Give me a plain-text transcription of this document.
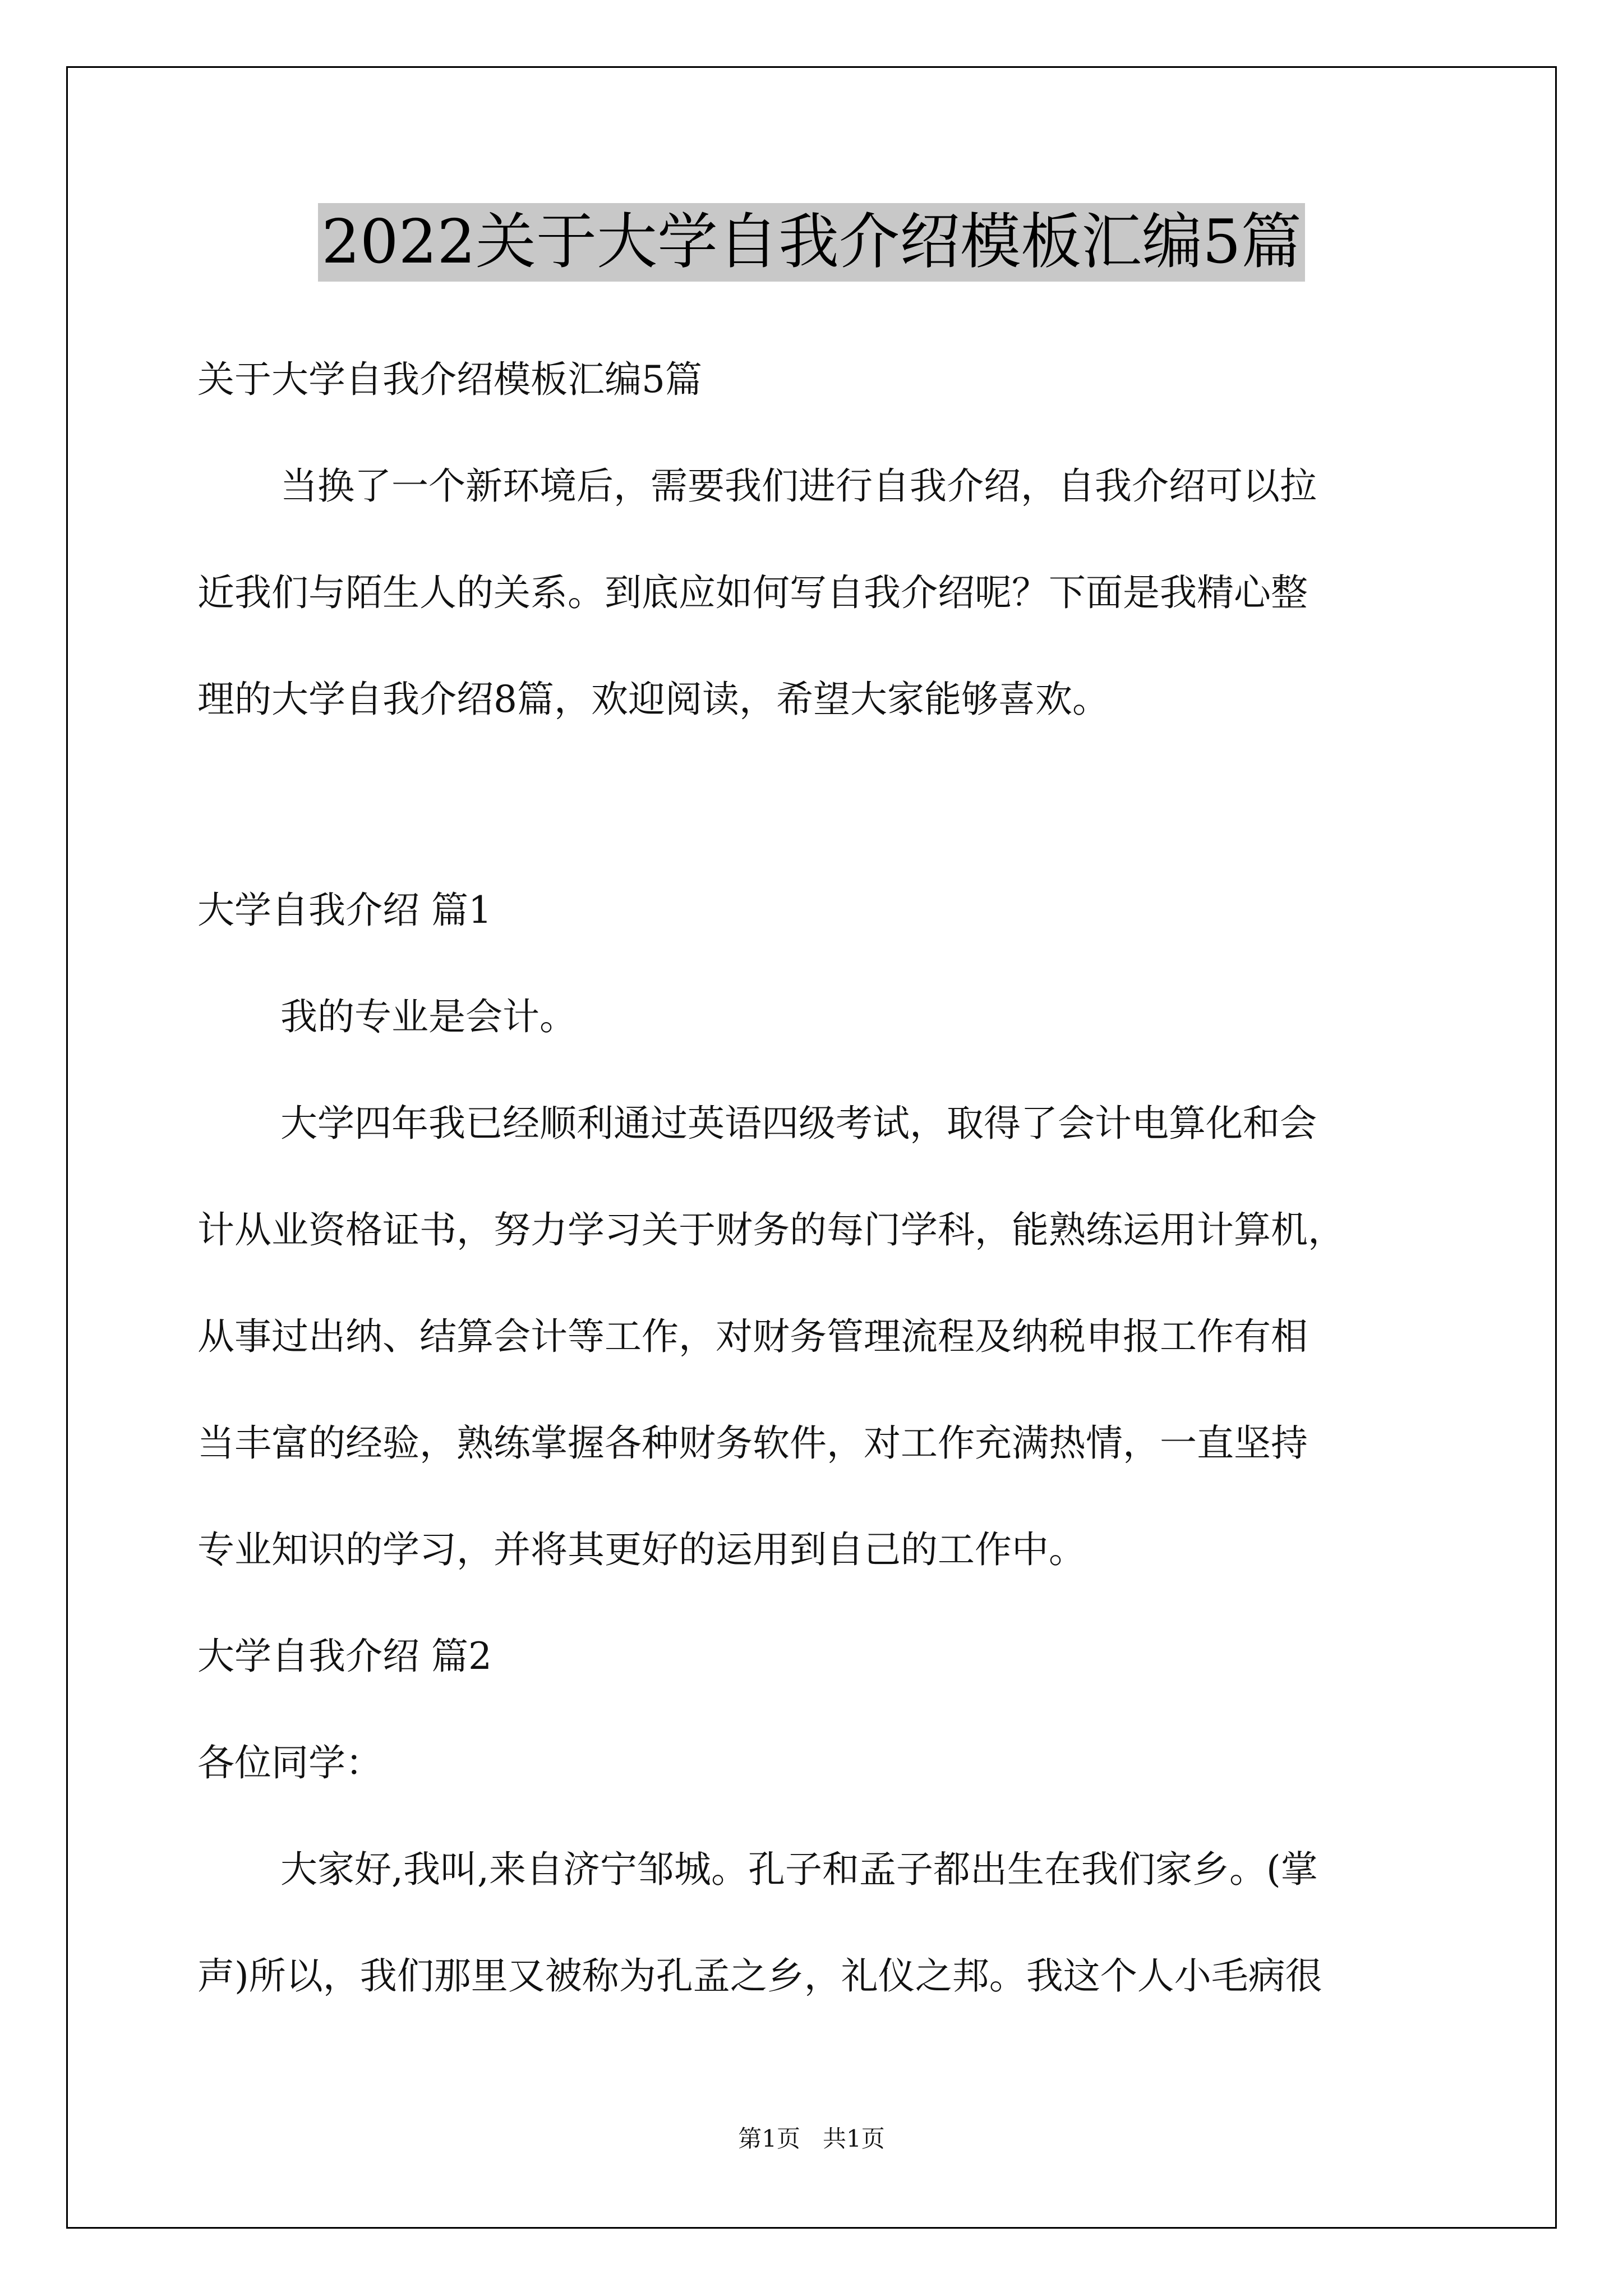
2022关于大学自我介绍模板汇编5篇
关于大学自我介绍模板汇编5篇
当换了一个新环境后，需要我们进行自我介绍，自我介绍可以拉
近我们与陌生人的关系。到底应如何写自我介绍呢？下面是我精心整
理的大学自我介绍8篇，欢迎阅读，希望大家能够喜欢。
大学自我介绍 篇1
我的专业是会计。
大学四年我已经顺利通过英语四级考试，取得了会计电算化和会
计从业资格证书，努力学习关于财务的每门学科，能熟练运用计算机，
从事过出纳、结算会计等工作，对财务管理流程及纳税申报工作有相
当丰富的经验，熟练掌握各种财务软件，对工作充满热情，一直坚持
专业知识的学习，并将其更好的运用到自己的工作中。
大学自我介绍 篇2
各位同学：
大家好,我叫,来自济宁邹城。孔子和孟子都出生在我们家乡。(掌
声)所以，我们那里又被称为孔孟之乡，礼仪之邦。我这个人小毛病很
第1页   共1页
